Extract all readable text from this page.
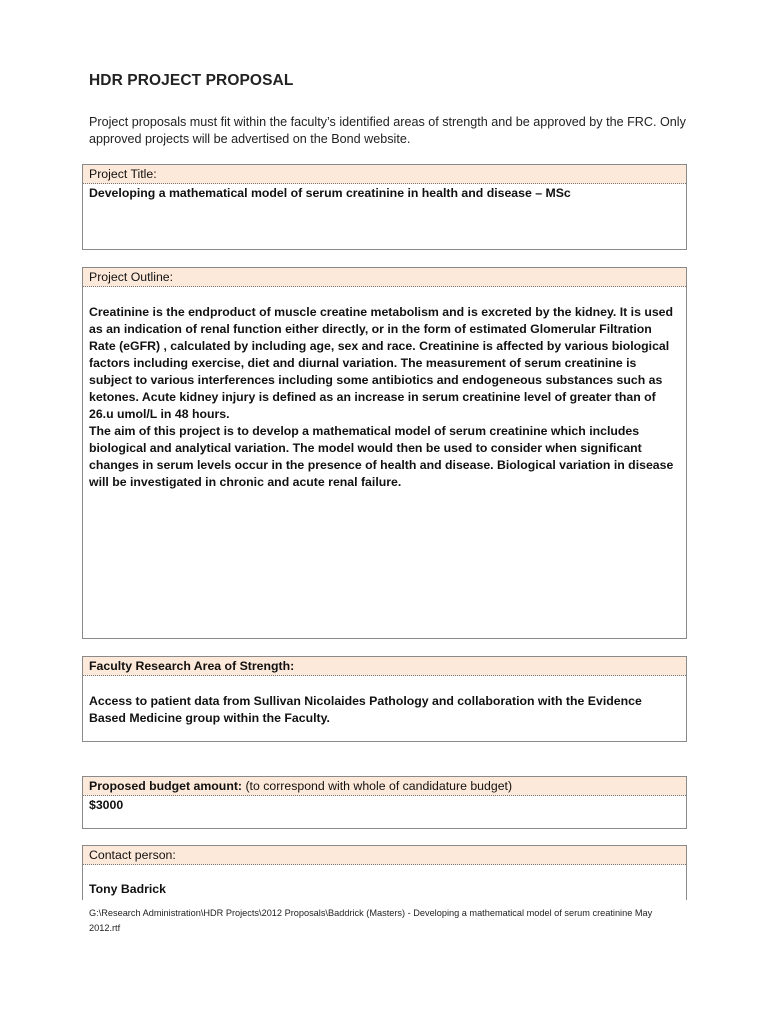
HDR PROJECT PROPOSAL
Project proposals must fit within the faculty’s identified areas of strength and be approved by the FRC. Only approved projects will be advertised on the Bond website.
Project Title:
Developing a mathematical model of serum creatinine in health and disease – MSc
Project Outline:

Creatinine is the endproduct of muscle creatine metabolism and is excreted by the kidney. It is used as an indication of renal function either directly, or in the form of estimated Glomerular Filtration Rate (eGFR) , calculated by including age, sex and race. Creatinine is affected by various biological factors including exercise, diet and diurnal variation. The measurement of serum creatinine is subject to various interferences including some antibiotics and endogeneous substances such as ketones. Acute kidney injury is defined as an increase in serum creatinine level of greater than of 26.u umol/L in 48 hours.

The aim of this project is to develop a mathematical model of serum creatinine which includes biological and analytical variation. The model would then be used to consider when significant changes in serum levels occur in the presence of health and disease. Biological variation in disease will be investigated in chronic and acute renal failure.

Faculty Research Area of Strength:
Access to patient data from Sullivan Nicolaides Pathology and collaboration with the Evidence Based Medicine group within the Faculty.
Proposed budget amount: (to correspond with whole of candidature budget)
$3000
Contact person:
Tony Badrick
G:\Research Administration\HDR Projects\2012 Proposals\Baddrick (Masters) - Developing a mathematical model of serum creatinine May 2012.rtf
